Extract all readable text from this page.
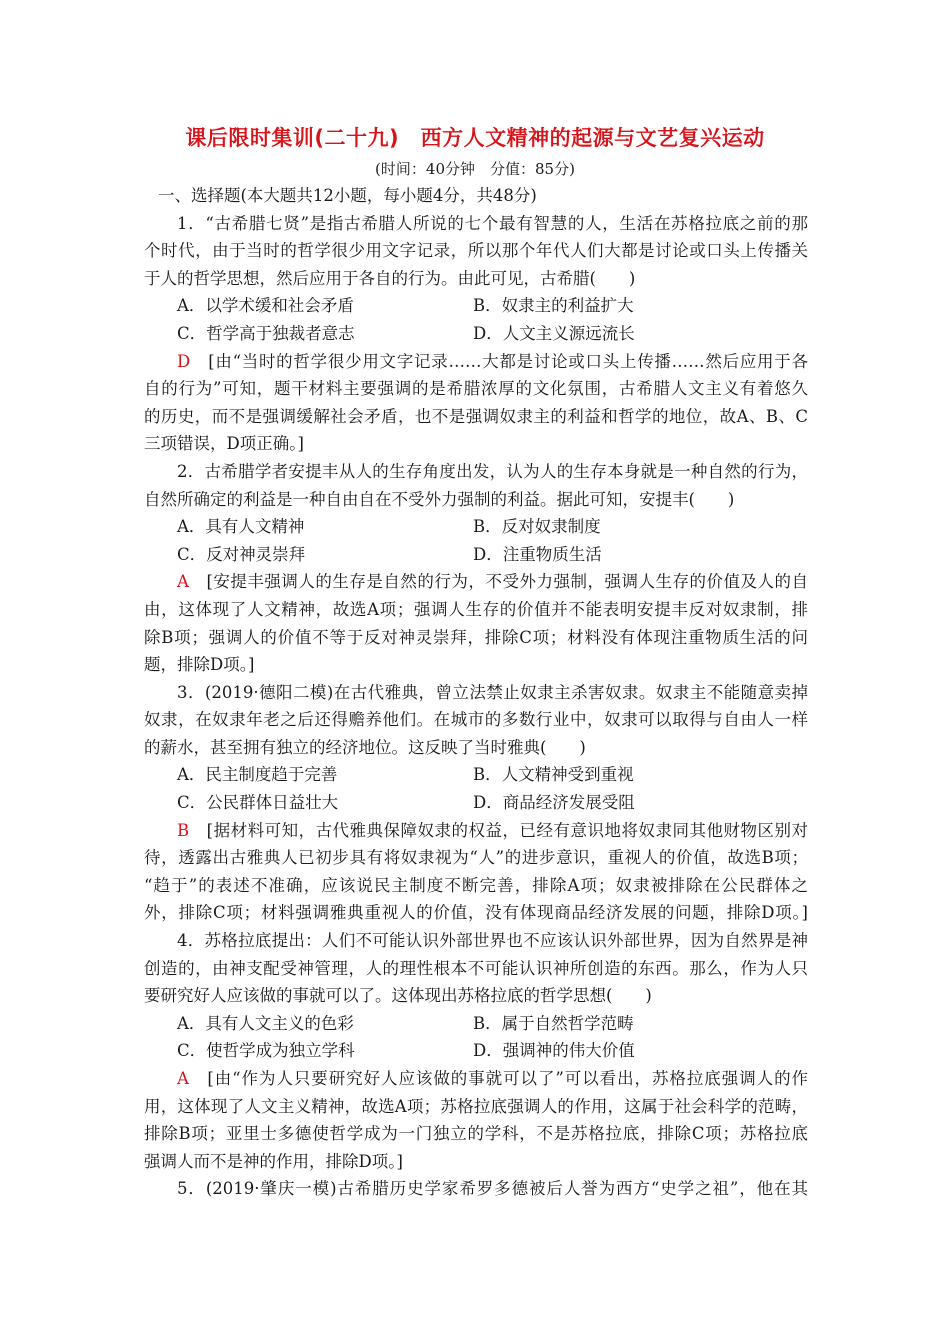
课后限时集训(二十九)　西方人文精神的起源与文艺复兴运动
(时间：40分钟　分值：85分)
一、选择题(本大题共12小题，每小题4分，共48分)
1．“古希腊七贤”是指古希腊人所说的七个最有智慧的人，生活在苏格拉底之前的那
个时代，由于当时的哲学很少用文字记录，所以那个年代人们大都是讨论或口头上传播关
于人的哲学思想，然后应用于各自的行为。由此可见，古希腊(　　)
A．以学术缓和社会矛盾	B．奴隶主的利益扩大
C．哲学高于独裁者意志	D．人文主义源远流长
D　 [由“当时的哲学很少用文字记录……大都是讨论或口头上传播……然后应用于各
自的行为”可知，题干材料主要强调的是希腊浓厚的文化氛围，古希腊人文主义有着悠久
的历史，而不是强调缓解社会矛盾，也不是强调奴隶主的利益和哲学的地位，故A、B、C
三项错误，D项正确。]
2．古希腊学者安提丰从人的生存角度出发，认为人的生存本身就是一种自然的行为，
自然所确定的利益是一种自由自在不受外力强制的利益。据此可知，安提丰(　　)
A．具有人文精神	B．反对奴隶制度
C．反对神灵崇拜	D．注重物质生活
A　 [安提丰强调人的生存是自然的行为，不受外力强制，强调人生存的价值及人的自
由，这体现了人文精神，故选A项；强调人生存的价值并不能表明安提丰反对奴隶制，排
除B项；强调人的价值不等于反对神灵崇拜，排除C项；材料没有体现注重物质生活的问
题，排除D项。]
3．(2019·德阳二模)在古代雅典，曾立法禁止奴隶主杀害奴隶。奴隶主不能随意卖掉
奴隶，在奴隶年老之后还得赡养他们。在城市的多数行业中，奴隶可以取得与自由人一样
的薪水，甚至拥有独立的经济地位。这反映了当时雅典(　　)
A．民主制度趋于完善	B．人文精神受到重视
C．公民群体日益壮大	D．商品经济发展受阻
B　 [据材料可知，古代雅典保障奴隶的权益，已经有意识地将奴隶同其他财物区别对
待，透露出古雅典人已初步具有将奴隶视为“人”的进步意识，重视人的价值，故选B项；
“趋于”的表述不准确，应该说民主制度不断完善，排除A项；奴隶被排除在公民群体之
外，排除C项；材料强调雅典重视人的价值，没有体现商品经济发展的问题，排除D项。]
4．苏格拉底提出：人们不可能认识外部世界也不应该认识外部世界，因为自然界是神
创造的，由神支配受神管理，人的理性根本不可能认识神所创造的东西。那么，作为人只
要研究好人应该做的事就可以了。这体现出苏格拉底的哲学思想(　　)
A．具有人文主义的色彩	B．属于自然哲学范畴
C．使哲学成为独立学科	D．强调神的伟大价值
A　 [由“作为人只要研究好人应该做的事就可以了”可以看出，苏格拉底强调人的作
用，这体现了人文主义精神，故选A项；苏格拉底强调人的作用，这属于社会科学的范畴，
排除B项；亚里士多德使哲学成为一门独立的学科，不是苏格拉底，排除C项；苏格拉底
强调人而不是神的作用，排除D项。]
5．(2019·肇庆一模)古希腊历史学家希罗多德被后人誉为西方“史学之祖”，他在其
